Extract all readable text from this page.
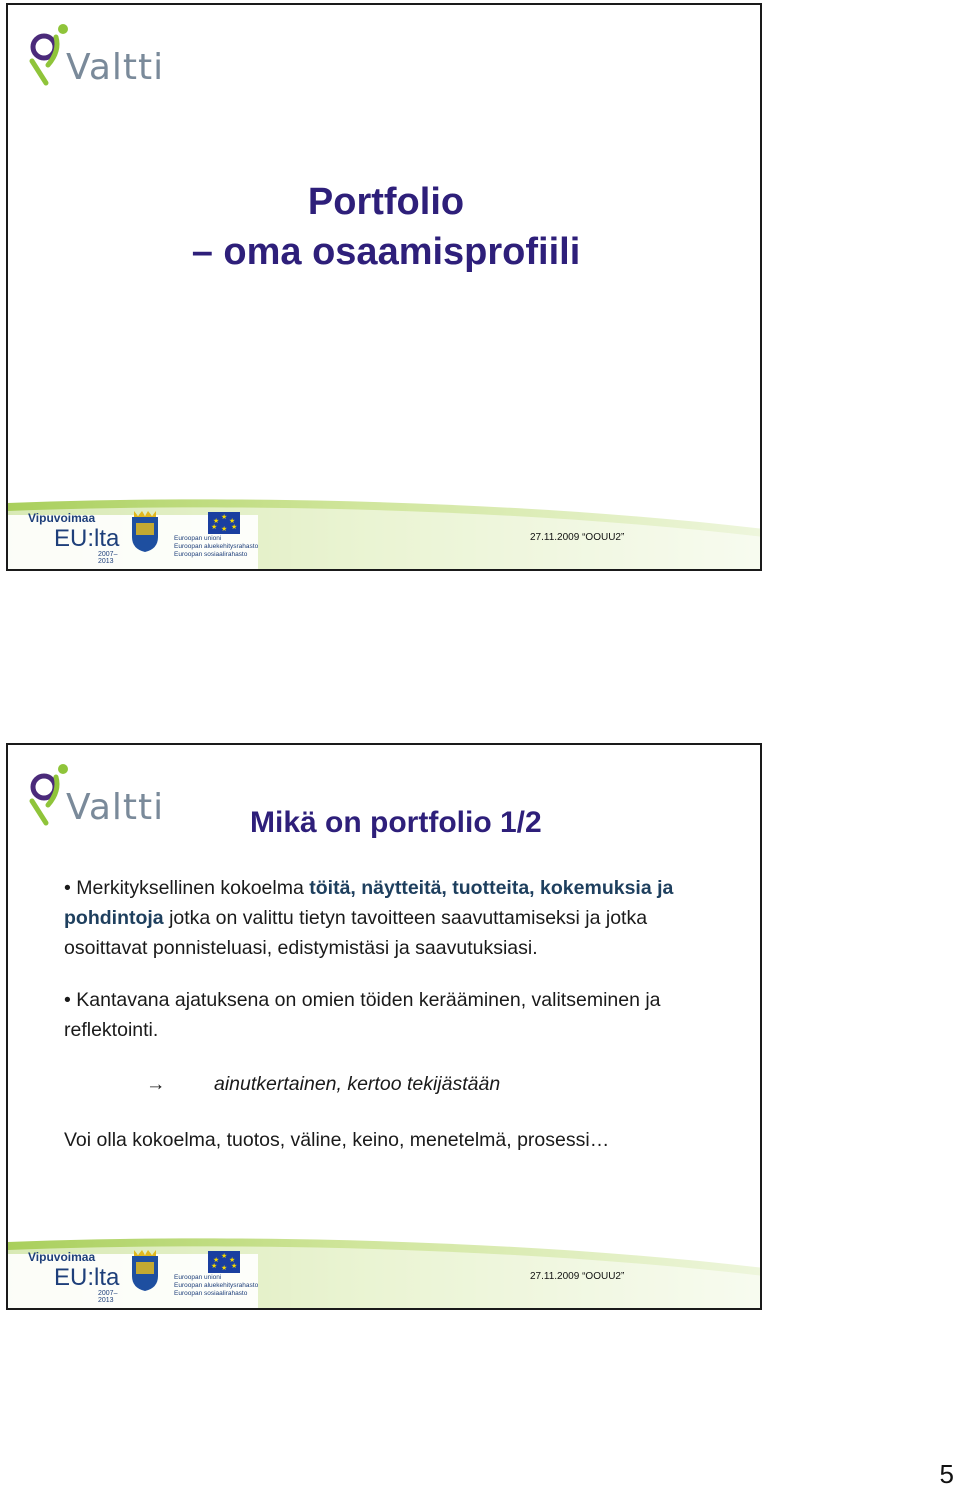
Valtti
Portfolio
– oma osaamisprofiili
Vipuvoimaa
EU:lta
2007–2013
★
★ ★
★ ★
★
Euroopan unioni
Euroopan aluekehitysrahasto
Euroopan sosiaalirahasto
27.11.2009 “OOUU2”
Valtti	Mikä on portfolio 1/2

• Merkityksellinen kokoelma töitä, näytteitä, tuotteita, kokemuksia ja pohdintoja jotka on valittu tietyn tavoitteen saavuttamiseksi ja jotka osoittavat ponnisteluasi, edistymistäsi ja saavutuksiasi.

• Kantavana ajatuksena on omien töiden kerääminen, valitseminen ja reflektointi.

→ ainutkertainen, kertoo tekijästään

Voi olla kokoelma, tuotos, väline, keino, menetelmä, prosessi…

Vipuvoimaa
EU:lta
2007–2013
★
★ ★
★ ★
★
Euroopan unioni
Euroopan aluekehitysrahasto
Euroopan sosiaalirahasto
27.11.2009 “OOUU2”
5
